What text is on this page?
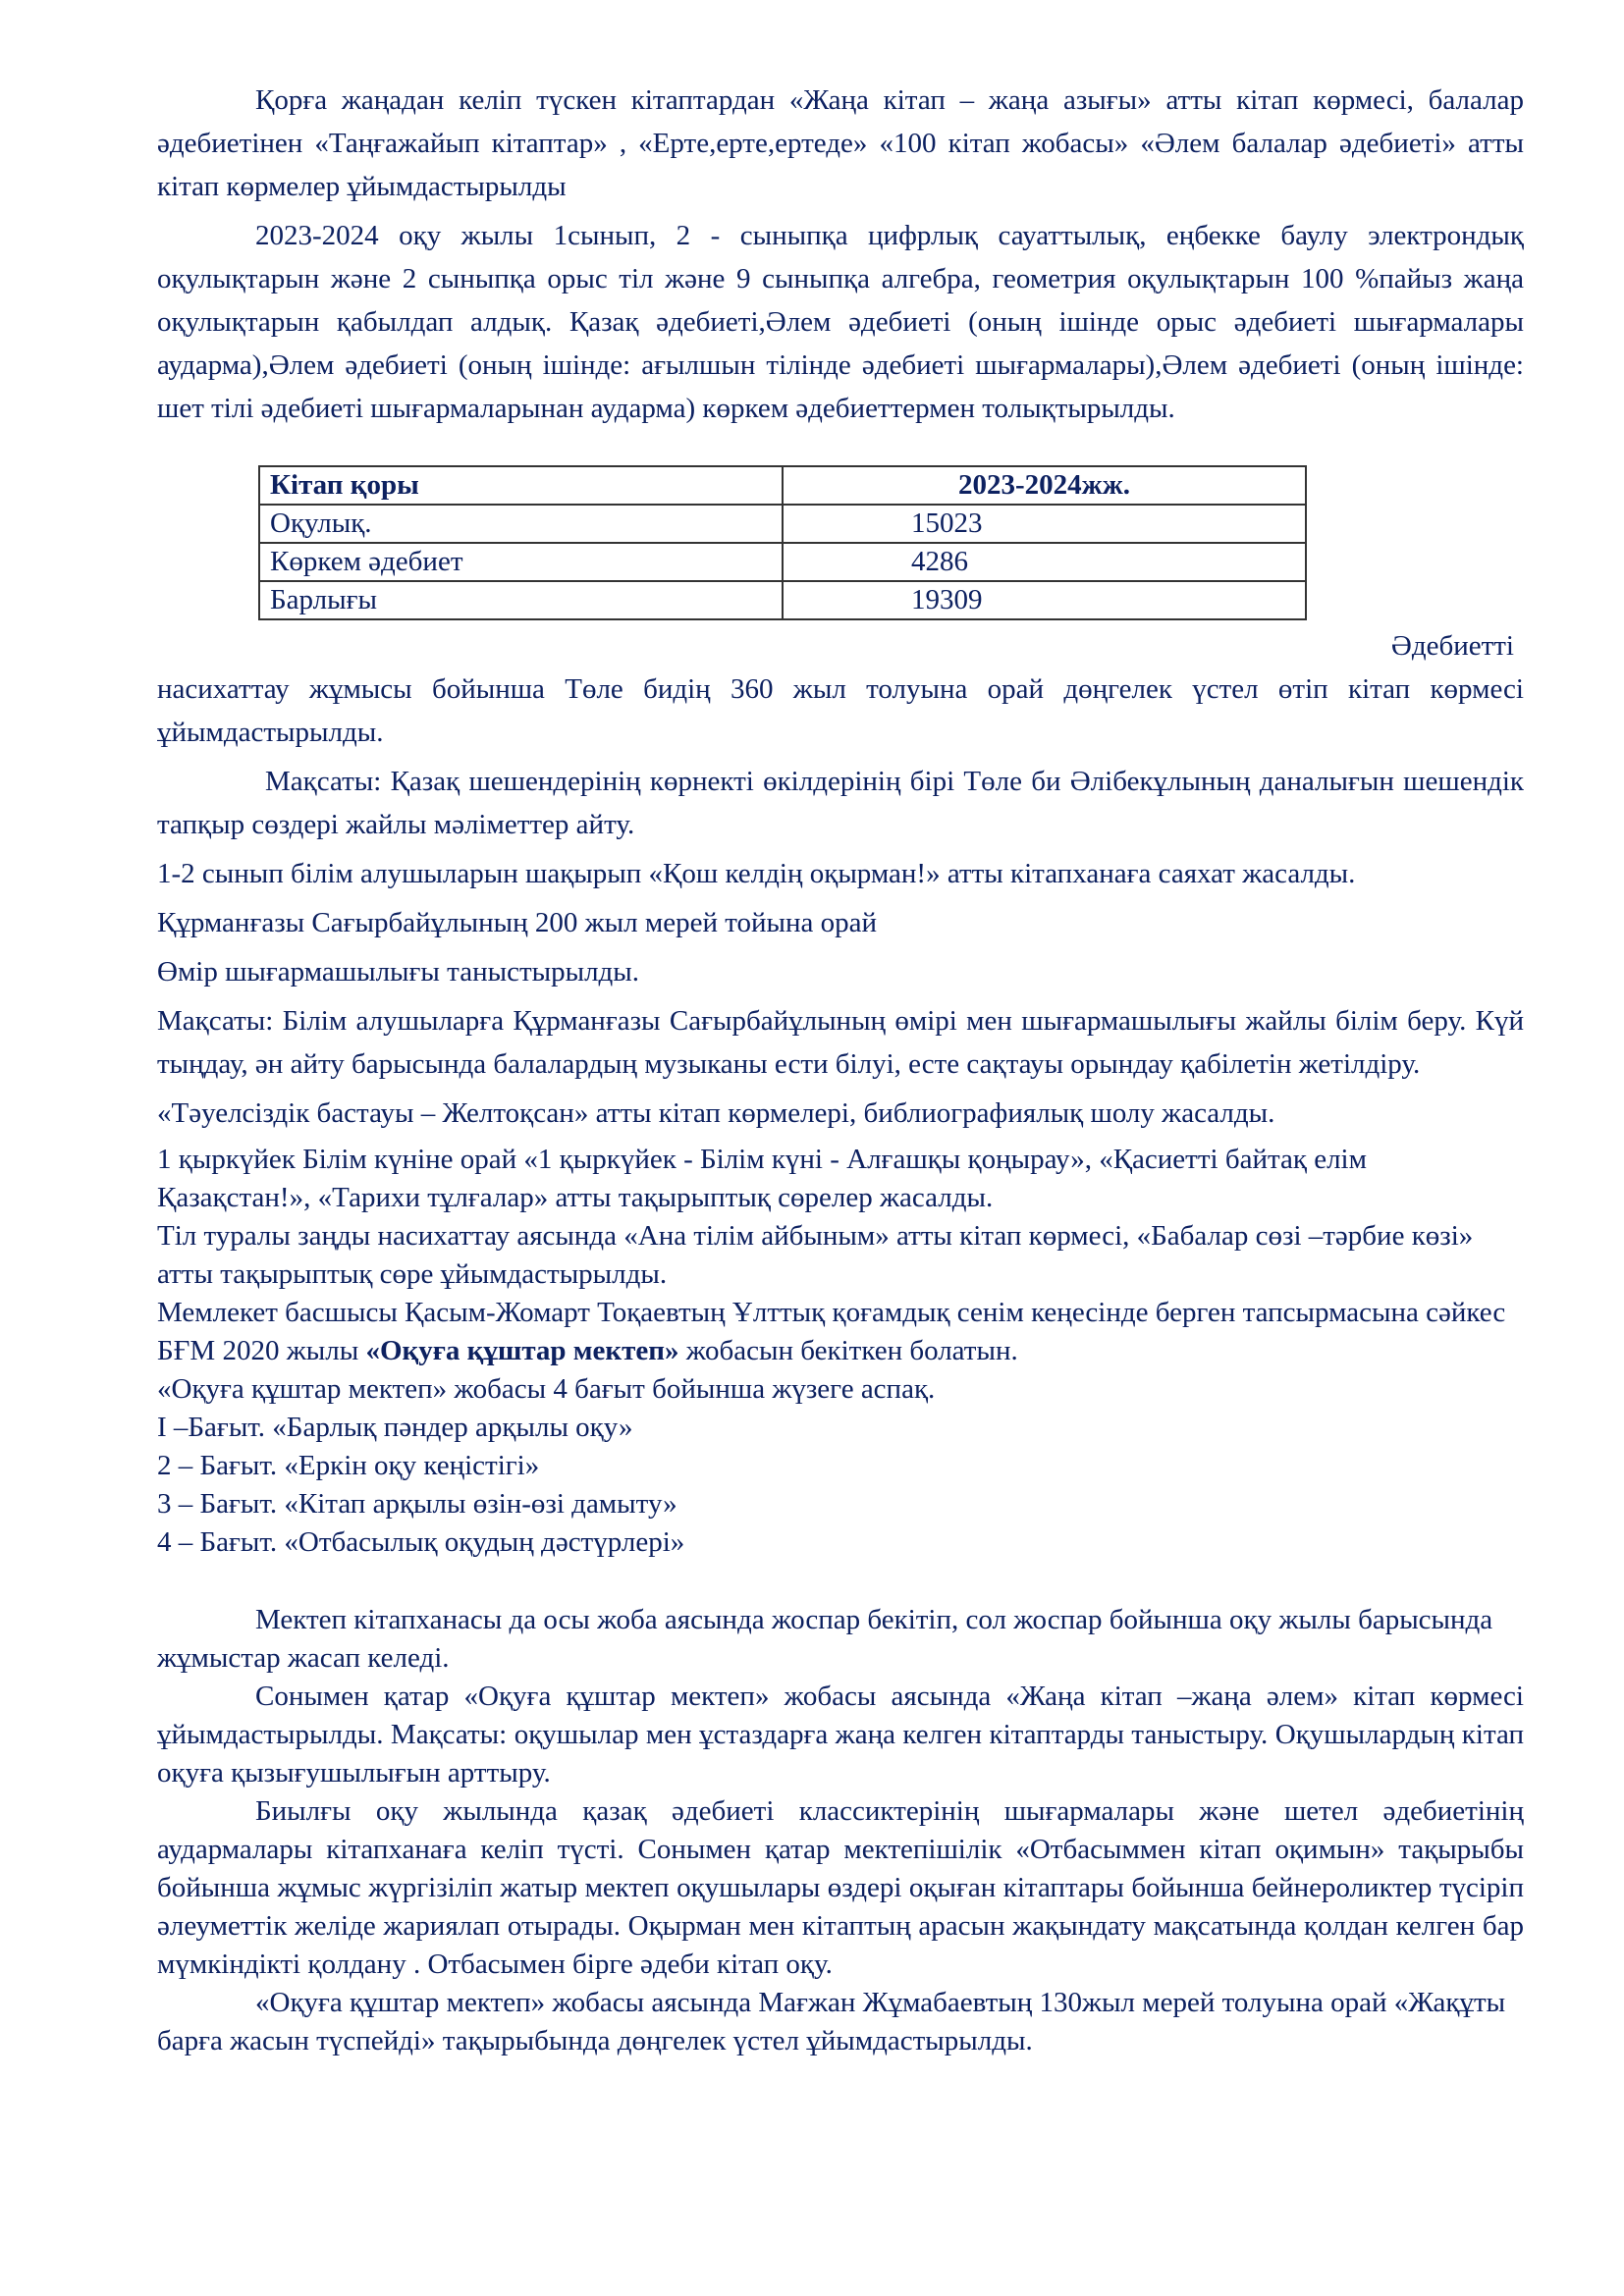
Қорға жаңадан келіп түскен кітаптардан «Жаңа кітап – жаңа азығы» атты кітап көрмесі, балалар әдебиетінен «Таңғажайып кітаптар» , «Ерте,ерте,ертеде» «100 кітап жобасы» «Әлем балалар әдебиеті» атты кітап көрмелер ұйымдастырылды

2023-2024 оқу жылы 1сынып, 2 - сыныпқа цифрлық сауаттылық, еңбекке баулу электрондық оқулықтарын және 2 сыныпқа орыс тіл және 9 сыныпқа алгебра, геометрия оқулықтарын 100 %пайыз жаңа оқулықтарын қабылдап алдық. Қазақ әдебиеті,Әлем әдебиеті (оның ішінде орыс әдебиеті шығармалары аударма),Әлем әдебиеті (оның ішінде: ағылшын тілінде әдебиеті шығармалары),Әлем әдебиеті (оның ішінде: шет тілі әдебиеті шығармаларынан аударма) көркем әдебиеттермен толықтырылды.

Кітап қоры	2023-2024жж.
Оқулық.	15023
Көркем әдебиет	4286
Барлығы	19309

Әдебиетті

насихаттау жұмысы бойынша Төле бидің 360 жыл толуына орай дөңгелек үстел өтіп кітап көрмесі ұйымдастырылды.

Мақсаты: Қазақ шешендерінің көрнекті өкілдерінің бірі Төле би Әлібекұлының даналығын шешендік тапқыр сөздері жайлы мәліметтер айту.

1-2 сынып білім алушыларын шақырып «Қош келдің оқырман!» атты кітапханаға саяхат жасалды.

Құрманғазы Сағырбайұлының 200 жыл мерей тойына орай

Өмір шығармашылығы таныстырылды.

Мақсаты: Білім алушыларға Құрманғазы Сағырбайұлының өмірі мен шығармашылығы жайлы білім беру. Күй тыңдау, ән айту барысында балалардың музыканы ести білуі, есте сақтауы орындау қабілетін жетілдіру.

«Тәуелсіздік бастауы – Желтоқсан» атты кітап көрмелері, библиографиялық шолу жасалды.

1 қыркүйек Білім күніне орай «1 қыркүйек - Білім күні - Алғашқы қоңырау», «Қасиетті байтақ елім Қазақстан!», «Тарихи тұлғалар» атты тақырыптық сөрелер жасалды.

Тіл туралы заңды насихаттау аясында «Ана тілім айбыным» атты кітап көрмесі, «Бабалар сөзі –тәрбие көзі» атты тақырыптық сөре ұйымдастырылды.

Мемлекет басшысы Қасым-Жомарт Тоқаевтың Ұлттық қоғамдық сенім кеңесінде берген тапсырмасына сәйкес БҒМ 2020 жылы «Оқуға құштар мектеп» жобасын бекіткен болатын.

«Оқуға құштар мектеп» жобасы 4 бағыт бойынша жүзеге аспақ.

I –Бағыт. «Барлық пәндер арқылы оқу»

2 – Бағыт. «Еркін оқу кеңістігі»

3 – Бағыт. «Кітап арқылы өзін-өзі дамыту»

4 – Бағыт. «Отбасылық оқудың дәстүрлері»

Мектеп кітапханасы да осы жоба аясында жоспар бекітіп, сол жоспар бойынша оқу жылы барысында жұмыстар жасап келеді.

Сонымен қатар «Оқуға құштар мектеп» жобасы аясында «Жаңа кітап –жаңа әлем» кітап көрмесі ұйымдастырылды. Мақсаты: оқушылар мен ұстаздарға жаңа келген кітаптарды таныстыру. Оқушылардың кітап оқуға қызығушылығын арттыру.

Биылғы оқу жылында қазақ әдебиеті классиктерінің шығармалары және шетел әдебиетінің аудармалары кітапханаға келіп түсті. Сонымен қатар мектепішілік «Отбасыммен кітап оқимын» тақырыбы бойынша жұмыс жүргізіліп жатыр мектеп оқушылары өздері оқыған кітаптары бойынша бейнероликтер түсіріп әлеуметтік желіде жариялап отырады. Оқырман мен кітаптың арасын жақындату мақсатында қолдан келген бар мүмкіндікті қолдану . Отбасымен бірге әдеби кітап оқу.

«Оқуға құштар мектеп» жобасы аясында Мағжан Жұмабаевтың 130жыл мерей толуына орай «Жақұты барға жасын түспейді» тақырыбында дөңгелек үстел ұйымдастырылды.
